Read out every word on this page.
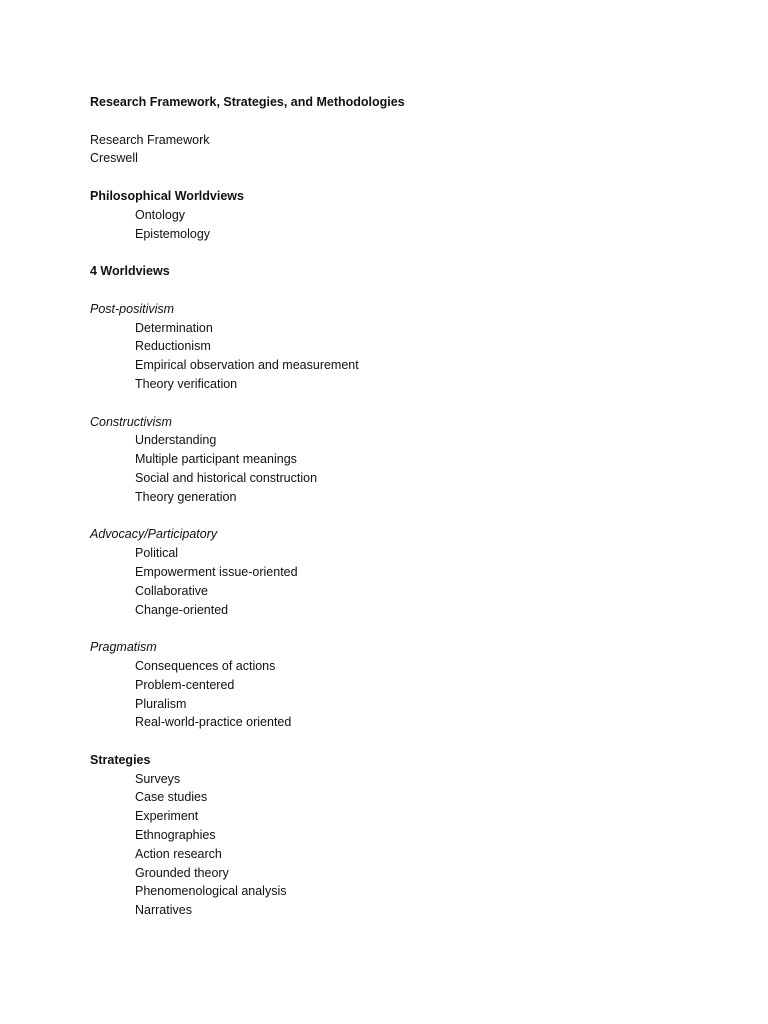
Research Framework, Strategies, and Methodologies
Research Framework
Creswell
Philosophical Worldviews
Ontology
Epistemology
4 Worldviews
Post-positivism
Determination
Reductionism
Empirical observation and measurement
Theory verification
Constructivism
Understanding
Multiple participant meanings
Social and historical construction
Theory generation
Advocacy/Participatory
Political
Empowerment issue-oriented
Collaborative
Change-oriented
Pragmatism
Consequences of actions
Problem-centered
Pluralism
Real-world-practice oriented
Strategies
Surveys
Case studies
Experiment
Ethnographies
Action research
Grounded theory
Phenomenological analysis
Narratives
